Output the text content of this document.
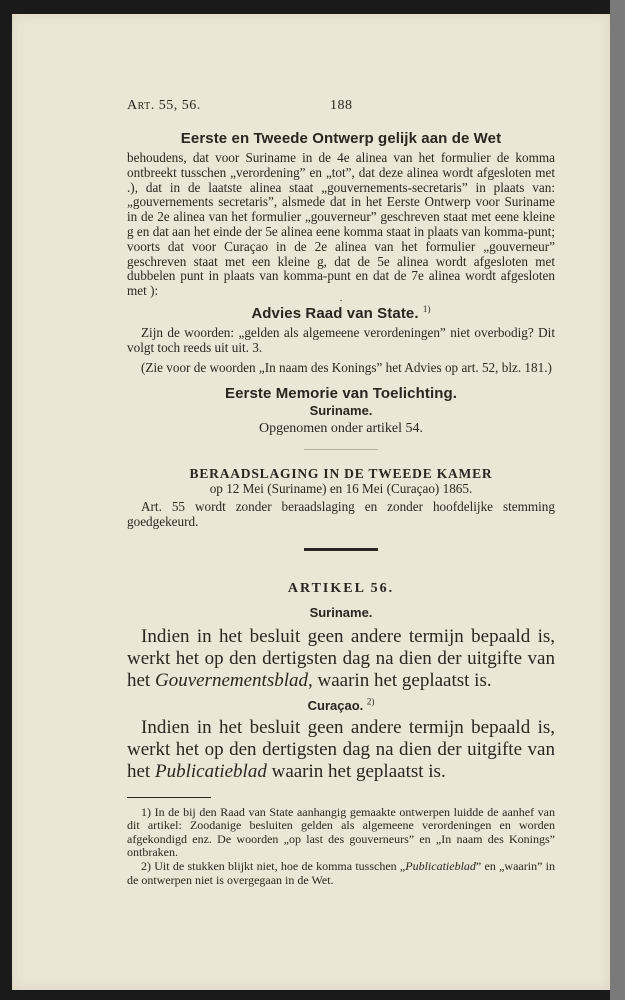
Art. 55, 56.	188
Eerste en Tweede Ontwerp gelijk aan de Wet

behoudens, dat voor Suriname in de 4e alinea van het formulier de komma ontbreekt tusschen „verordening” en „tot”, dat deze alinea wordt afgesloten met .), dat in de laatste alinea staat „gouvernements-secretaris” in plaats van: „gouvernements secretaris”, alsmede dat in het Eerste Ontwerp voor Suriname in de 2e alinea van het formulier „gouverneur” geschreven staat met eene kleine g en dat aan het einde der 5e alinea eene komma staat in plaats van komma-punt; voorts dat voor Curaçao in de 2e alinea van het formulier „gouverneur” geschreven staat met een kleine g, dat de 5e alinea wordt afgesloten met dubbelen punt in plaats van komma-punt en dat de 7e alinea wordt afgesloten met ):

·
Advies Raad van State. $^{1)}$

Zijn de woorden: „gelden als algemeene verordeningen” niet overbodig? Dit volgt toch reeds uit uit. 3.

(Zie voor de woorden „In naam des Konings” het Advies op art. 52, blz. 181.)

Eerste Memorie van Toelichting.
Suriname.

Opgenomen onder artikel 54.

BERAADSLAGING IN DE TWEEDE KAMER

op 12 Mei (Suriname) en 16 Mei (Curaçao) 1865.

Art. 55 wordt zonder beraadslaging en zonder hoofdelijke stemming goedgekeurd.

ARTIKEL 56.
Suriname.

Indien in het besluit geen andere termijn bepaald is, werkt het op den dertigsten dag na dien der uitgifte van het Gouvernementsblad, waarin het geplaatst is.

Curaçao. $^{2)}$

Indien in het besluit geen andere termijn bepaald is, werkt het op den dertigsten dag na dien der uitgifte van het Publicatieblad waarin het geplaatst is.

1) In de bij den Raad van State aanhangig gemaakte ontwerpen luidde de aanhef van dit artikel: Zoodanige besluiten gelden als algemeene verordeningen en worden afgekondigd enz. De woorden „op last des gouverneurs” en „In naam des Konings” ontbraken.

2) Uit de stukken blijkt niet, hoe de komma tusschen „Publicatieblad” en „waarin” in de ontwerpen niet is overgegaan in de Wet.
